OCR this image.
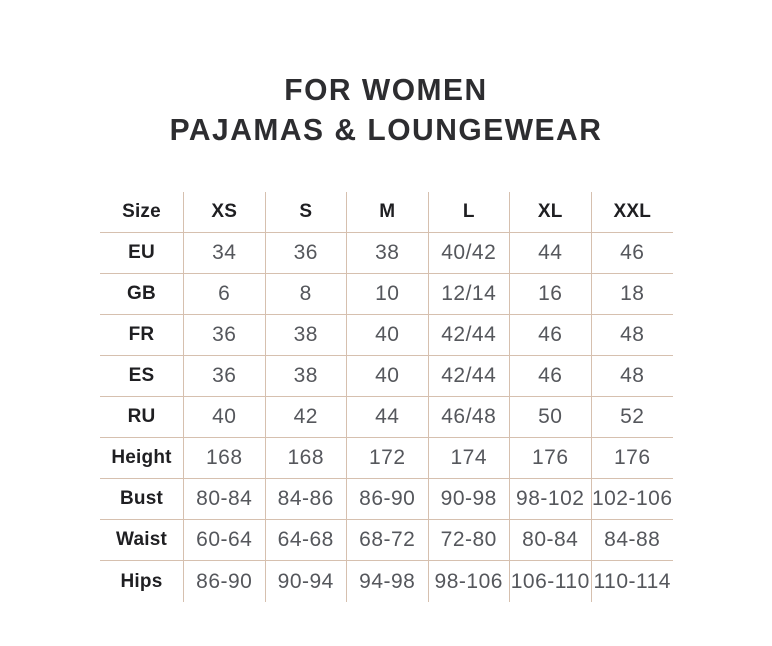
FOR WOMEN
PAJAMAS & LOUNGEWEAR
Size	XS	S	M	L	XL	XXL
EU	34	36	38	40/42	44	46
GB	6	8	10	12/14	16	18
FR	36	38	40	42/44	46	48
ES	36	38	40	42/44	46	48
RU	40	42	44	46/48	50	52
Height	168	168	172	174	176	176
Bust	80-84	84-86	86-90	90-98 98-102 102-106
Waist	60-64	64-68	68-72	72-80	80-84	84-88
Hips	86-90	90-94	94-98 98-106 106-110 110-114
